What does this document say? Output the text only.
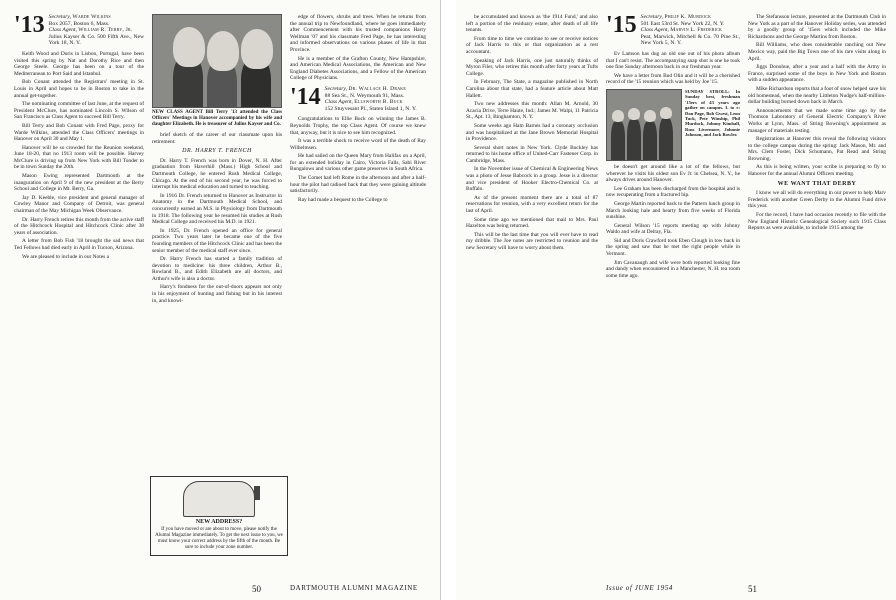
'13 Secretary, Warde Wilkins
Box 2057, Boston 6, Mass.
Class Agent, William R. Terry, Jr.
Julius Kayser & Co. 500 Fifth Ave., New York 18, N. Y.

Keith Wood and Doris in Lisbon, Portugal, have been visited this spring by Nat and Dorothy Rice and then George Steele. George has been on a tour of the Mediterranean to Port Said and Istanbul.

Bob Conant attended the Registrars' meeting in St. Louis in April and hopes to be in Boston to take in the annual get-together.

The nominating committee of last June, at the request of President McClure, has nominated Lincoln S. Wilson of San Francisco as Class Agent to succeed Bill Terry.

Bill Terry and Bob Conant with Fred Page, proxy for Warde Wilkins, attended the Class Officers' meetings in Hanover on April 30 and May 1.

Hanover will be so crowded for the Reunion weekend, June 18-20, that no 1913 room will be possible. Harvey McClure is driving up from New York with Bill Tonder to be in town Sunday the 20th.

Mason Ewing represented Dartmouth at the inauguration on April 9 of the new president at the Berry School and College in Mt. Berry, Ga.

Jay D. Keeble, vice president and general manager of Cowley Manor and Company of Detroit, was general chairman of the May Michigan Week Observance.

Dr. Harry French retires this month from the active staff of the Hitchcock Hospital and Hitchcock Clinic after 38 years of association.

A letter from Bob Fish '18 brought the sad news that Ted Fellows had died early in April in Tucson, Arizona.

We are pleased to include in our Notes a

NEW CLASS AGENT Bill Terry '13 attended the Class Officers' Meetings in Hanover accompanied by his wife and daughter Elizabeth. He is treasurer of Julius Kayser and Co.

brief sketch of the career of our classmate upon his retirement:

DR. HARRY T. FRENCH

Dr. Harry T. French was born in Dover, N. H. After graduation from Haverhill (Mass.) High School and Dartmouth College, he entered Rush Medical College, Chicago. At the end of his second year, he was forced to interrupt his medical education and turned to teaching.

In 1916 Dr. French returned to Hanover as Instructor in Anatomy in the Dartmouth Medical School, and concurrently earned an M.S. in Physiology from Dartmouth in 1918. The following year he resumed his studies at Rush Medical College and received his M.D. in 1921.

In 1925, Dr. French opened an office for general practice. Two years later he became one of the five founding members of the Hitchcock Clinic and has been the senior member of the medical staff ever since.

Dr. Harry French has started a family tradition of devotion to medicine: his three children, Arthur B., Rowland B., and Edith Elizabeth are all doctors, and Arthur's wife is also a doctor.

Harry's fondness for the out-of-doors appears not only in his enjoyment of hunting and fishing but in his interest in, and knowl-

edge of flowers, shrubs and trees. When he returns from the annual trip to Newfoundland, where he goes immediately after Commencement with his trusted companions Harry Wellman '07 and his classmate Fred Page, he has interesting and informed observations on various phases of life in that Province.

He is a member of the Grafton County, New Hampshire, and American Medical Associations, the American and New England Diabetes Associations, and a Fellow of the American College of Physicians.

'14 Secretary, Dr. Wallace H. Drake
88 Sea St., N. Weymouth 91, Mass.
Class Agent, Ellsworth B. Buck
152 Stuyvesant Pl., Staten Island 1, N. Y.

Congratulations to Ellie Buck on winning the James B. Reynolds Trophy, the top Class Agent. Of course we knew that, anyway, but it is nice to see him recognized.

It was a terrible shock to receive word of the death of Ray Wilhelmsen.

He had sailed on the Queen Mary from Halifax on a April, for an extended holiday in Cairo, Victoria Falls, Sabi River Bungalows and various other game preserves in South Africa.

The Comet had left Rome in the afternoon and after a half-hour the pilot had radioed back that they were gaining altitude satisfactorily.

Ray had made a bequest to the College to

NEW ADDRESS?
If you have moved or are about to move, please notify the Alumni Magazine immediately. To get the next issue to you, we must know your correct address by the fifth of the month. Be sure to include your zone number.
50	DARTMOUTH ALUMNI MAGAZINE

be accumulated and known as 'the 1914 Fund,' and also left a portion of the residuary estate, after death of all life tenants.

From time to time we continue to see or receive notices of Jack Harris to this or that organization as a rest accountant.

Speaking of Jack Harris, one just naturally thinks of Myron Filer, who retires this month after forty years at Tufts College.

In February, The State, a magazine published in North Carolina about that state, had a feature article about Matt Hallett.

Two new addresses this month: Allan M. Arnold, 30 Acacia Drive, Terre Haute, Ind.; James M. Walpi, 11 Patricia St., Apt. 13, Binghamton, N. Y.

Some weeks ago Ham Barnes had a coronary occlusion and was hospitalized at the Jane Brown Memorial Hospital in Providence.

Several short notes in New York. Clyde Buckley has returned to his home office of United-Carr Fastener Corp. in Cambridge, Mass.

In the November issue of Chemical & Engineering News was a photo of Jesse Babcock in a group. Jesse is a director and vice president of Hooker Electro-Chemical Co. at Buffalo.

As of the present moment there are a total of 87 reservations for reunion, with a very excellent return for the last of April.

Some time ago we mentioned that mail to Mrs. Paul Hazelton was being returned.

This will be the last time that you will ever have to read my dribble. The Joe notes are restricted to reunion and the new Secretary will have to worry about them.

'15 Secretary, Philip K. Murdock
501 East 53rd St. New York 22, N. Y.
Class Agent, Marvin L. Frederick
Peat, Marwick, Mitchell & Co. 70 Pine St., New York 5, N. Y.

Ev Lamson has dug an old one out of his photo album that I can't resist. The accompanying snap shot is one he took one fine Sunday afternoon back in our freshman year.

We have a letter from Bud Olin and it will be a cherished record of the '15 reunion which was held by Joe '15.

SUNDAY STROLL: In Sunday best, freshman '15ers of 43 years ago gather on campus. L to r: Don Page, Bob Gwest, Leon Tuck, Pete Winship, Phil Murdock, Johnny Kimball, Russ Livermore, Johnnie Johnson, and Jack Bowler.

be doesn't get around like a lot of the fellows, but wherever he visits his oldest son Ev Jr. in Chelsea, N. Y., he always drives around Hanover.

Lee Graham has been discharged from the hospital and is now recuperating from a fractured hip.

George Martin reported back to the Pattern lunch group in March looking hale and hearty from five weeks of Florida sunshine.

General Wilson '15 reports meeting up with Johnny Waldo and wife at Delray, Fla.

Sid and Doris Crawford took Eben Clough in tow back in the spring and saw that he met the right people while in Vermont.

Jim Cavanaugh and wife were both reported looking fine and dandy when encountered in a Manchester, N. H. tea room some time ago.

The Stefansson lecture, presented at the Dartmouth Club in New York as a part of the Hanover Holiday series, was attended by a goodly group of '15ers which included the Mike Richardsons and the George Martins from Boston.

Bill Williams, who does considerable ranching out New Mexico way, paid the Big Town one of his rare visits along in April.

Jiggs Donohue, after a year and a half with the Army in France, surprised some of the boys in New York and Boston with a sudden appearance.

Mike Richardson reports that a foot of snow helped save his old homestead, when the nearby Littleton Nudge's half-million-dollar building burned down back in March.

Announcements that we made some time ago by the Thomson Laboratory of General Electric Company's River Works at Lynn, Mass. of String Bowning's appointment as manager of materials testing.

Registrations at Hanover this reveal the following visitors to the college campus during the spring: Jack Mason, Mr. and Mrs. Clem Foster, Dick Schumann, Pat Read and String Browning.

As this is being written, your scribe is preparing to fly to Hanover for the annual Alumni Officers meeting.

WE WANT THAT DERBY

I know we all will do everything in our power to help Marv Frederick with another Green Derby in the Alumni Fund drive this year.

For the record, I have had occasion recently to file with the New England Historic Genealogical Society such 1915 Class Reports as were available, to include 1915 among the

Issue of JUNE 1954	51
